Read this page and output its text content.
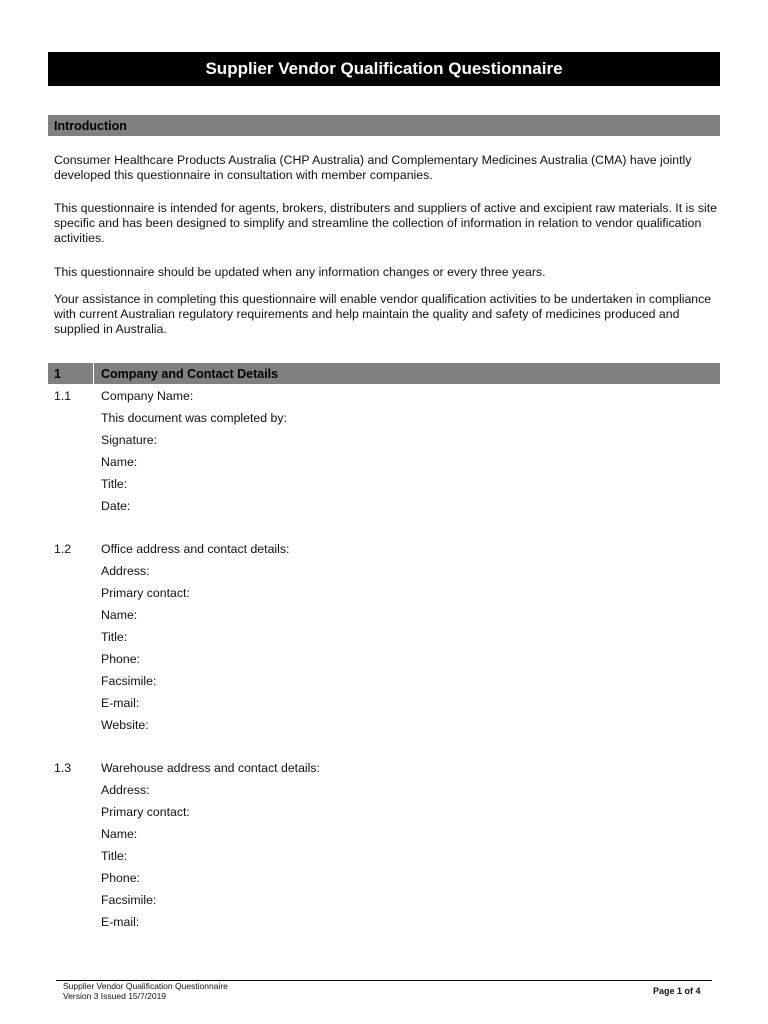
Supplier Vendor Qualification Questionnaire
Introduction

Consumer Healthcare Products Australia (CHP Australia) and Complementary Medicines Australia (CMA) have jointly developed this questionnaire in consultation with member companies.

This questionnaire is intended for agents, brokers, distributers and suppliers of active and excipient raw materials. It is site specific and has been designed to simplify and streamline the collection of information in relation to vendor qualification activities.

This questionnaire should be updated when any information changes or every three years.

Your assistance in completing this questionnaire will enable vendor qualification activities to be undertaken in compliance with current Australian regulatory requirements and help maintain the quality and safety of medicines produced and supplied in Australia.

1	Company and Contact Details
1.1	Company Name:
This document was completed by:
Signature:
Name:
Title:
Date:
1.2	Office address and contact details:
Address:
Primary contact:
Name:
Title:
Phone:
Facsimile:
E-mail:
Website:
1.3	Warehouse address and contact details:
Address:
Primary contact:
Name:
Title:
Phone:
Facsimile:
E-mail:
Supplier Vendor Qualification Questionnaire
Version 3 Issued 15/7/2019	Page 1 of 4
